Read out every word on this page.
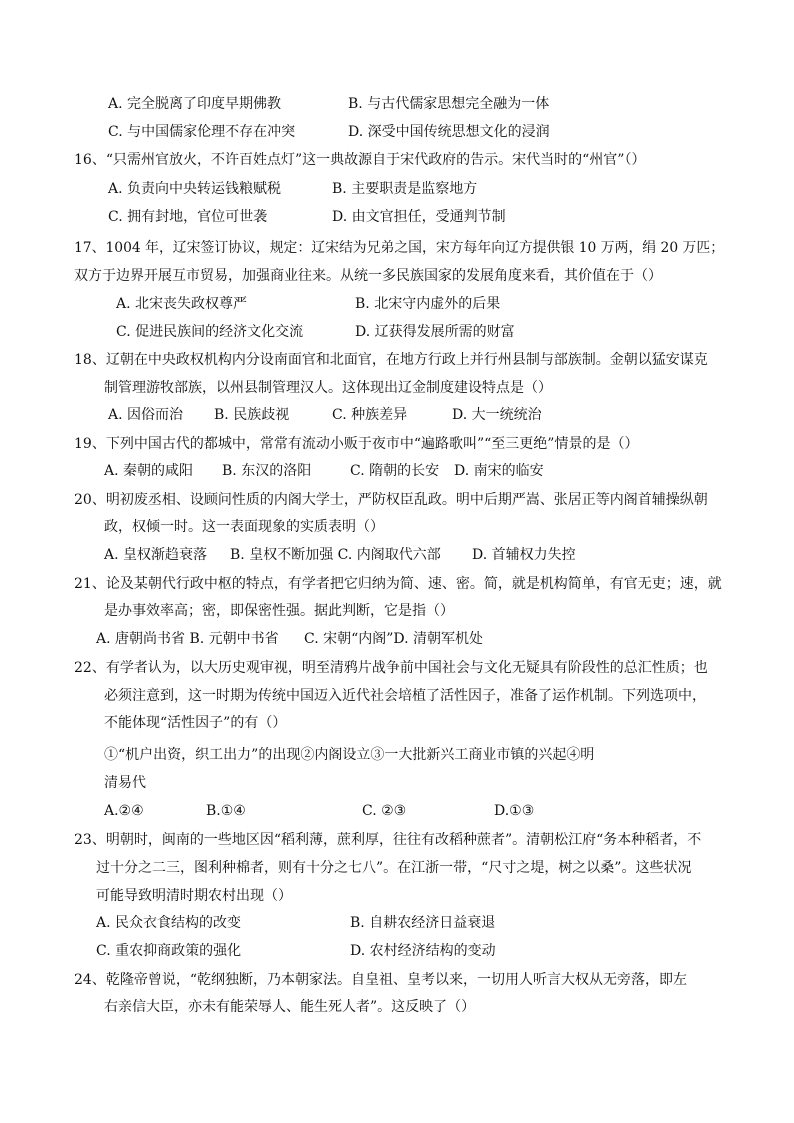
A. 完全脱离了印度早期佛教	B. 与古代儒家思想完全融为一体
C. 与中国儒家伦理不存在冲突	D. 深受中国传统思想文化的浸润
16、“只需州官放火，不许百姓点灯”这一典故源自于宋代政府的告示。宋代当时的“州官”（）
A. 负责向中央转运钱粮赋税	B. 主要职责是监察地方
C. 拥有封地，官位可世袭	D. 由文官担任，受通判节制
17、1004 年，辽宋签订协议，规定：辽宋结为兄弟之国，宋方每年向辽方提供银 10 万两，绢 20 万匹；
双方于边界开展互市贸易，加强商业往来。从统一多民族国家的发展角度来看，其价值在于（）
A. 北宋丧失政权尊严	B. 北宋守内虚外的后果
C. 促进民族间的经济文化交流	D. 辽获得发展所需的财富
18、辽朝在中央政权机构内分设南面官和北面官，在地方行政上并行州县制与部族制。金朝以猛安谋克
制管理游牧部族，以州县制管理汉人。这体现出辽金制度建设特点是（）
A. 因俗而治 B. 民族歧视	C. 种族差异	D. 大一统统治
19、下列中国古代的都城中，常常有流动小贩于夜市中“遍路歌叫”“至三更绝”情景的是（）
A. 秦朝的咸阳 B. 东汉的洛阳	C. 隋朝的长安 D. 南宋的临安
20、明初废丞相、设顾问性质的内阁大学士，严防权臣乱政。明中后期严嵩、张居正等内阁首辅操纵朝
政，权倾一时。这一表面现象的实质表明（）
A. 皇权渐趋衰落 B. 皇权不断加强 C. 内阁取代六部 D. 首辅权力失控
21、论及某朝代行政中枢的特点，有学者把它归纳为简、速、密。简，就是机构简单，有官无吏；速，就
是办事效率高；密，即保密性强。据此判断，它是指（）
A. 唐朝尚书省 B. 元朝中书省 C. 宋朝“内阁”D. 清朝军机处
22、有学者认为，以大历史观审视，明至清鸦片战争前中国社会与文化无疑具有阶段性的总汇性质；也
必须注意到，这一时期为传统中国迈入近代社会培植了活性因子，准备了运作机制。下列选项中，
不能体现“活性因子”的有（）
①“机户出资，织工出力”的出现②内阁设立③一大批新兴工商业市镇的兴起④明
清易代
A.②④	B.①④	C. ②③	D.①③
23、明朝时，闽南的一些地区因“稻利薄，蔗利厚，往往有改稻种蔗者”。清朝松江府“务本种稻者，不
过十分之二三，图利种棉者，则有十分之七八”。在江浙一带，“尺寸之堤，树之以桑”。这些状况
可能导致明清时期农村出现（）
A. 民众衣食结构的改变	B. 自耕农经济日益衰退
C. 重农抑商政策的强化	D. 农村经济结构的变动
24、乾隆帝曾说，“乾纲独断，乃本朝家法。自皇祖、皇考以来，一切用人听言大权从无旁落，即左
右亲信大臣，亦未有能荣辱人、能生死人者”。这反映了（）
